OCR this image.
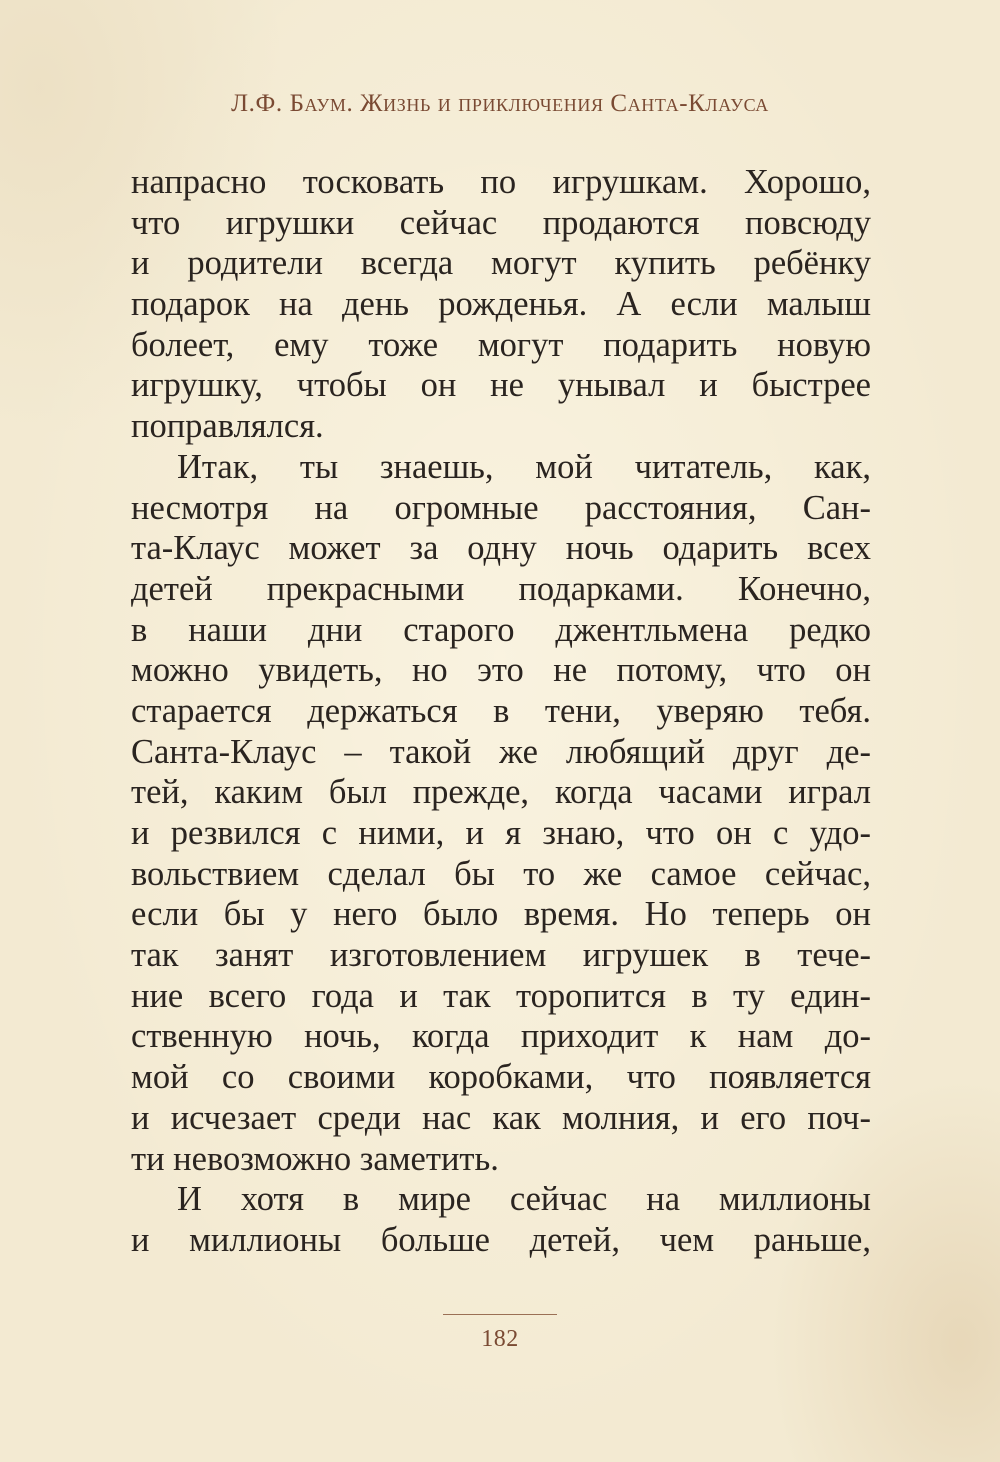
Л.Ф. Баум. Жизнь и приключения Санта-Клауса
напрасно тосковать по игрушкам. Хорошо,
что игрушки сейчас продаются повсюду
и родители всегда могут купить ребёнку
подарок на день рожденья. А если малыш
болеет, ему тоже могут подарить новую
игрушку, чтобы он не унывал и быстрее
поправлялся.
Итак, ты знаешь, мой читатель, как,
несмотря на огромные расстояния, Сан-
та-Клаус может за одну ночь одарить всех
детей прекрасными подарками. Конечно,
в наши дни старого джентльмена редко
можно увидеть, но это не потому, что он
старается держаться в тени, уверяю тебя.
Санта-Клаус – такой же любящий друг де-
тей, каким был прежде, когда часами играл
и резвился с ними, и я знаю, что он с удо-
вольствием сделал бы то же самое сейчас,
если бы у него было время. Но теперь он
так занят изготовлением игрушек в тече-
ние всего года и так торопится в ту един-
ственную ночь, когда приходит к нам до-
мой со своими коробками, что появляется
и исчезает среди нас как молния, и его поч-
ти невозможно заметить.
И хотя в мире сейчас на миллионы
и миллионы больше детей, чем раньше,
182
